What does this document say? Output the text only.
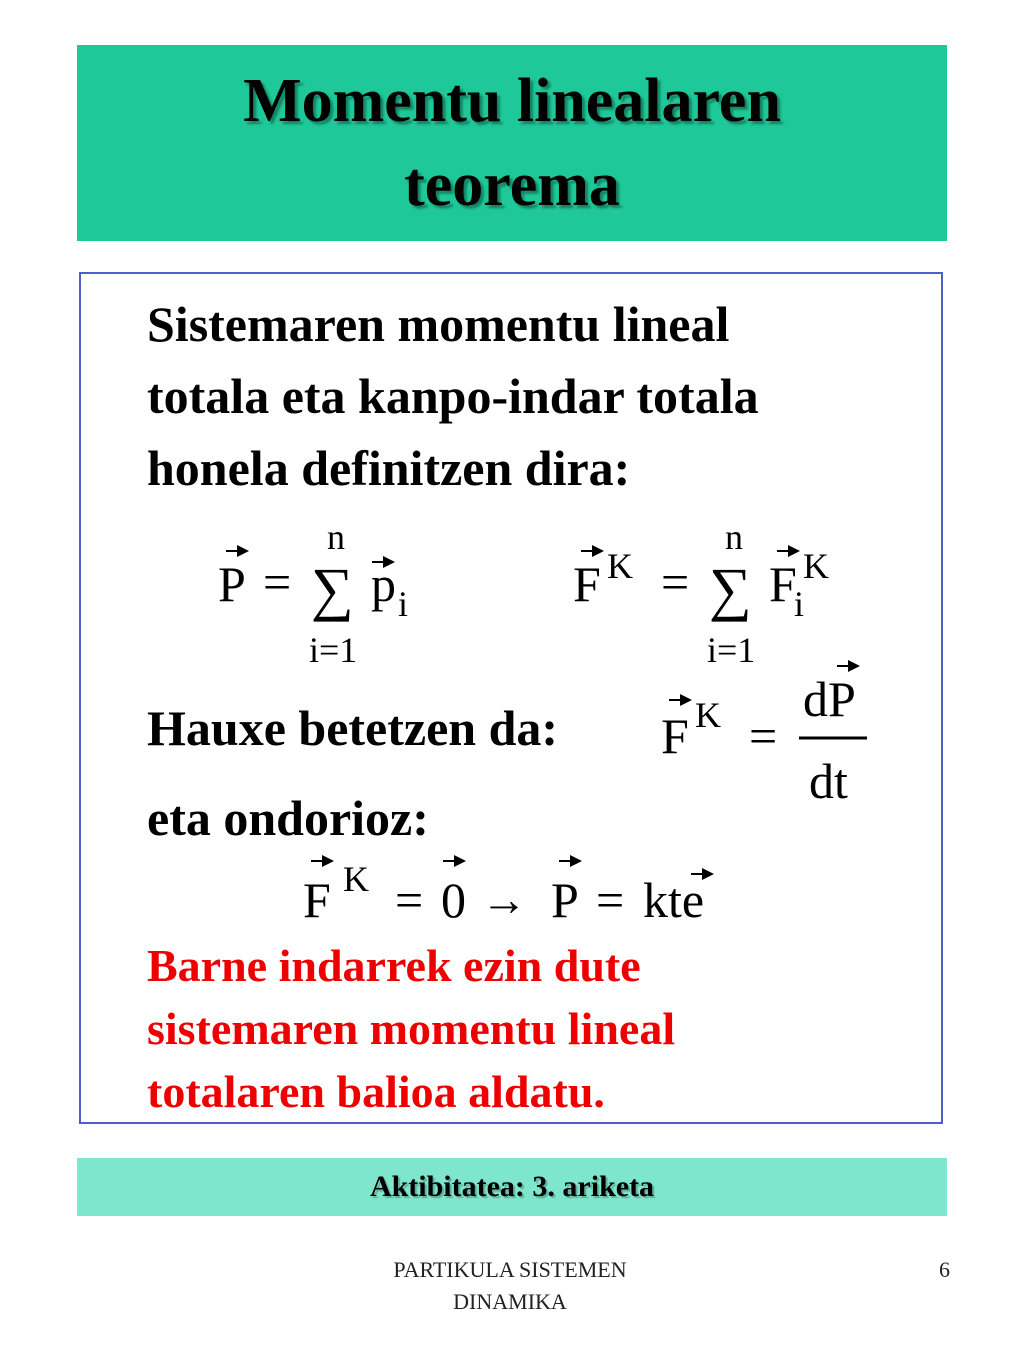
Momentu linealaren
teorema
Sistemaren momentu lineal
totala eta kanpo-indar totala
honela definitzen dira:
Hauxe betetzen da:
eta ondorioz:
Barne indarrek ezin dute
sistemaren momentu lineal
totalaren balioa aldatu.
P =
n
∑
i=1
p i	F K =
n
∑
i=1
F
i
K
F K =
dP
dt
F K = 0 → P = kte
Aktibitatea: 3. ariketa
PARTIKULA SISTEMEN
DINAMIKA
6
